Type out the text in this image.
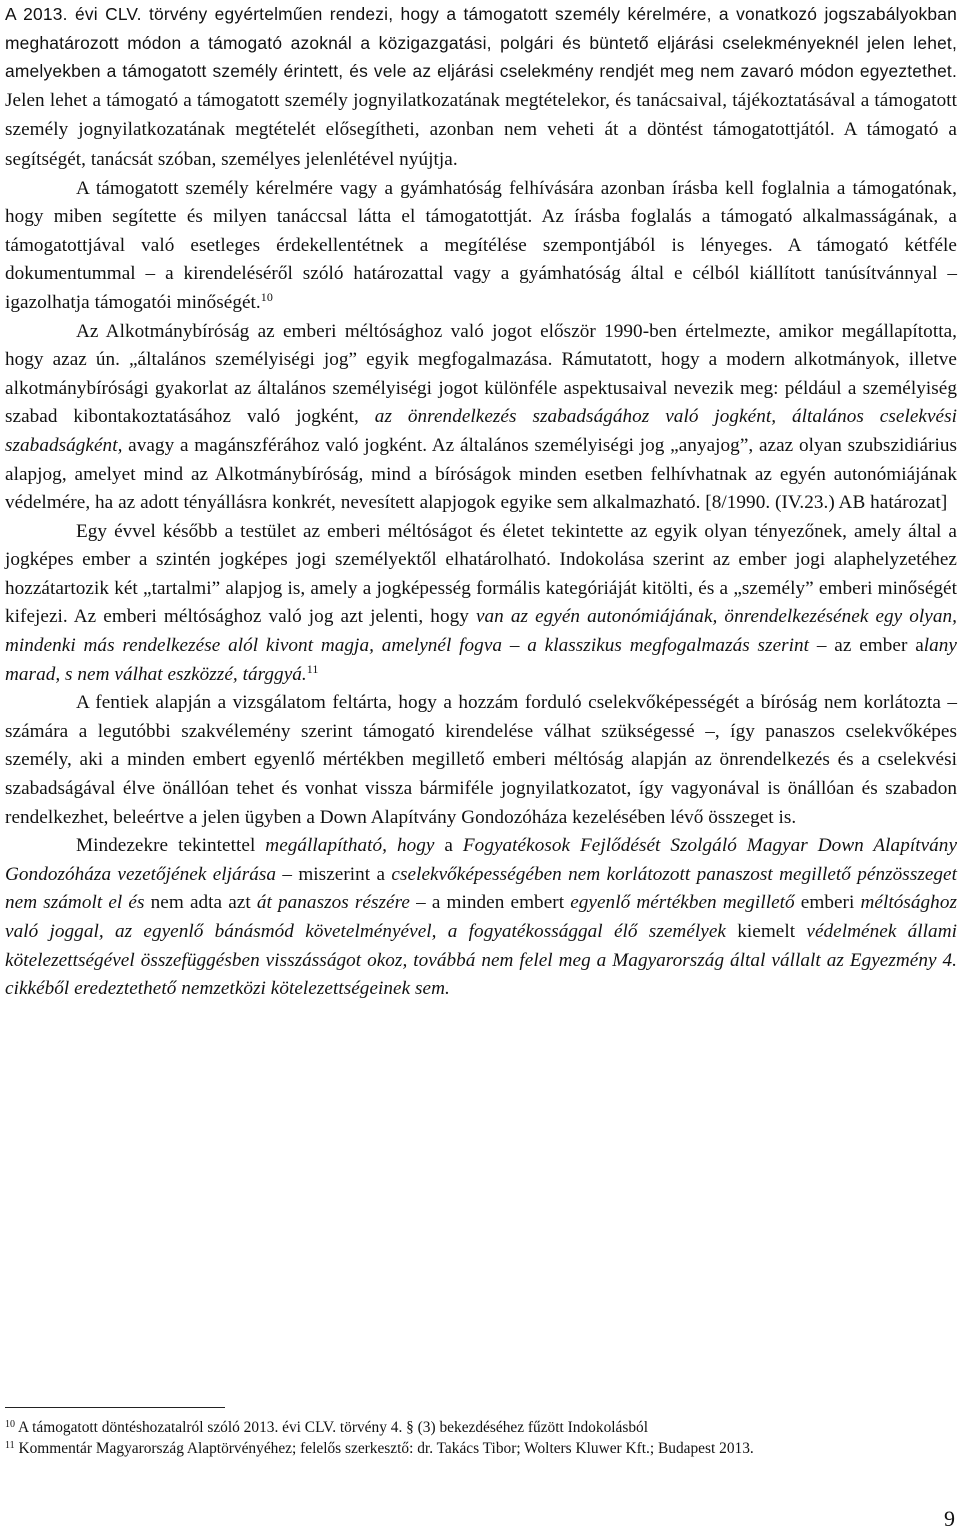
A 2013. évi CLV. törvény egyértelműen rendezi, hogy a támogatott személy kérelmére, a vonatkozó jogszabályokban meghatározott módon a támogató azoknál a közigazgatási, polgári és büntető eljárási cselekményeknél jelen lehet, amelyekben a támogatott személy érintett, és vele az eljárási cselekmény rendjét meg nem zavaró módon egyeztethet. Jelen lehet a támogató a támogatott személy jognyilatkozatának megtételekor, és tanácsaival, tájékoztatásával a támogatott személy jognyilatkozatának megtételét elősegítheti, azonban nem veheti át a döntést támogatottjától. A támogató a segítségét, tanácsát szóban, személyes jelenlétével nyújtja.

A támogatott személy kérelmére vagy a gyámhatóság felhívására azonban írásba kell foglalnia a támogatónak, hogy miben segítette és milyen tanáccsal látta el támogatottját. Az írásba foglalás a támogató alkalmasságának, a támogatottjával való esetleges érdekellentétnek a megítélése szempontjából is lényeges. A támogató kétféle dokumentummal – a kirendeléséről szóló határozattal vagy a gyámhatóság által e célból kiállított tanúsítvánnyal – igazolhatja támogatói minőségét.$^{10}$

Az Alkotmánybíróság az emberi méltósághoz való jogot először 1990-ben értelmezte, amikor megállapította, hogy azaz ún. „általános személyiségi jog” egyik megfogalmazása. Rámutatott, hogy a modern alkotmányok, illetve alkotmánybírósági gyakorlat az általános személyiségi jogot különféle aspektusaival nevezik meg: például a személyiség szabad kibontakoztatásához való jogként, az önrendelkezés szabadságához való jogként, általános cselekvési szabadságként, avagy a magánszférához való jogként. Az általános személyiségi jog „anyajog”, azaz olyan szubszidiárius alapjog, amelyet mind az Alkotmánybíróság, mind a bíróságok minden esetben felhívhatnak az egyén autonómiájának védelmére, ha az adott tényállásra konkrét, nevesített alapjogok egyike sem alkalmazható. [8/1990. (IV.23.) AB határozat]

Egy évvel később a testület az emberi méltóságot és életet tekintette az egyik olyan tényezőnek, amely által a jogképes ember a szintén jogképes jogi személyektől elhatárolható. Indokolása szerint az ember jogi alaphelyzetéhez hozzátartozik két „tartalmi” alapjog is, amely a jogképesség formális kategóriáját kitölti, és a „személy” emberi minőségét kifejezi. Az emberi méltósághoz való jog azt jelenti, hogy van az egyén autonómiájának, önrendelkezésének egy olyan, mindenki más rendelkezése alól kivont magja, amelynél fogva – a klasszikus megfogalmazás szerint – az ember alany marad, s nem válhat eszközzé, tárggyá.$^{11}$

A fentiek alapján a vizsgálatom feltárta, hogy a hozzám forduló cselekvőképességét a bíróság nem korlátozta – számára a legutóbbi szakvélemény szerint támogató kirendelése válhat szükségessé –, így panaszos cselekvőképes személy, aki a minden embert egyenlő mértékben megillető emberi méltóság alapján az önrendelkezés és a cselekvési szabadságával élve önállóan tehet és vonhat vissza bármiféle jognyilatkozatot, így vagyonával is önállóan és szabadon rendelkezhet, beleértve a jelen ügyben a Down Alapítvány Gondozóháza kezelésében lévő összeget is.

Mindezekre tekintettel megállapítható, hogy a Fogyatékosok Fejlődését Szolgáló Magyar Down Alapítvány Gondozóháza vezetőjének eljárása – miszerint a cselekvőképességében nem korlátozott panaszost megillető pénzösszeget nem számolt el és nem adta azt át panaszos részére – a minden embert egyenlő mértékben megillető emberi méltósághoz való joggal, az egyenlő bánásmód követelményével, a fogyatékossággal élő személyek kiemelt védelmének állami kötelezettségével összefüggésben visszásságot okoz, továbbá nem felel meg a Magyarország által vállalt az Egyezmény 4. cikkéből eredeztethető nemzetközi kötelezettségeinek sem.

$^{10}$ A támogatott döntéshozatalról szóló 2013. évi CLV. törvény 4. § (3) bekezdéséhez fűzött Indokolásból

$^{11}$ Kommentár Magyarország Alaptörvényéhez; felelős szerkesztő: dr. Takács Tibor; Wolters Kluwer Kft.; Budapest 2013.

9
